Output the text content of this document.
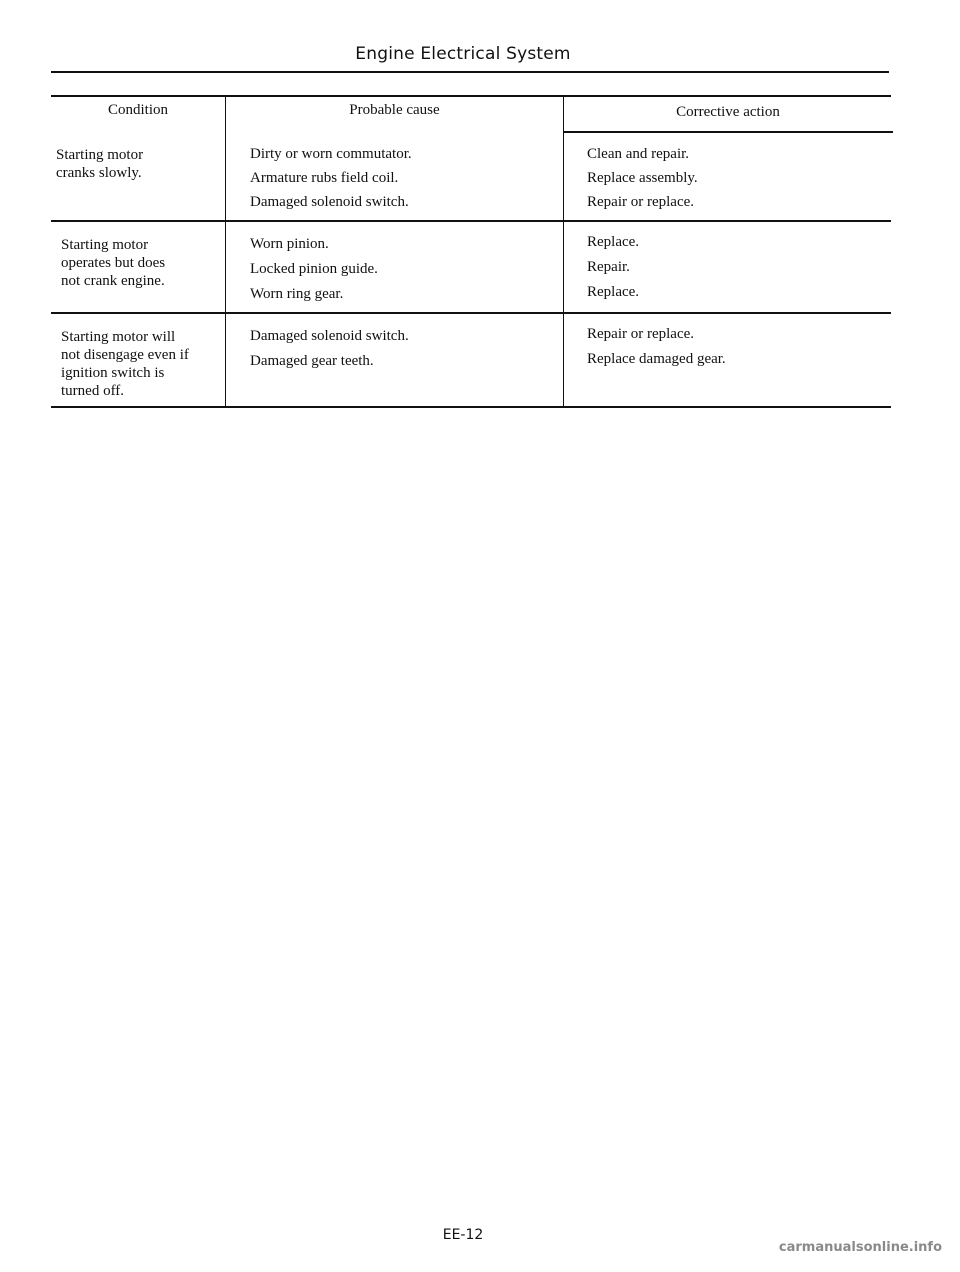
Engine Electrical System
Condition	Probable cause	Corrective action
Starting motor
cranks slowly.
Dirty or worn commutator.
Armature rubs field coil.
Damaged solenoid switch.
Clean and repair.
Replace assembly.
Repair or replace.
Starting motor
operates but does
not crank engine.
Worn pinion.
Locked pinion guide.
Worn ring gear.
Replace.
Repair.
Replace.
Starting motor will
not disengage even if
ignition switch is
turned off.
Damaged solenoid switch.
Damaged gear teeth.
Repair or replace.
Replace damaged gear.
EE-12
carmanualsonline.info
